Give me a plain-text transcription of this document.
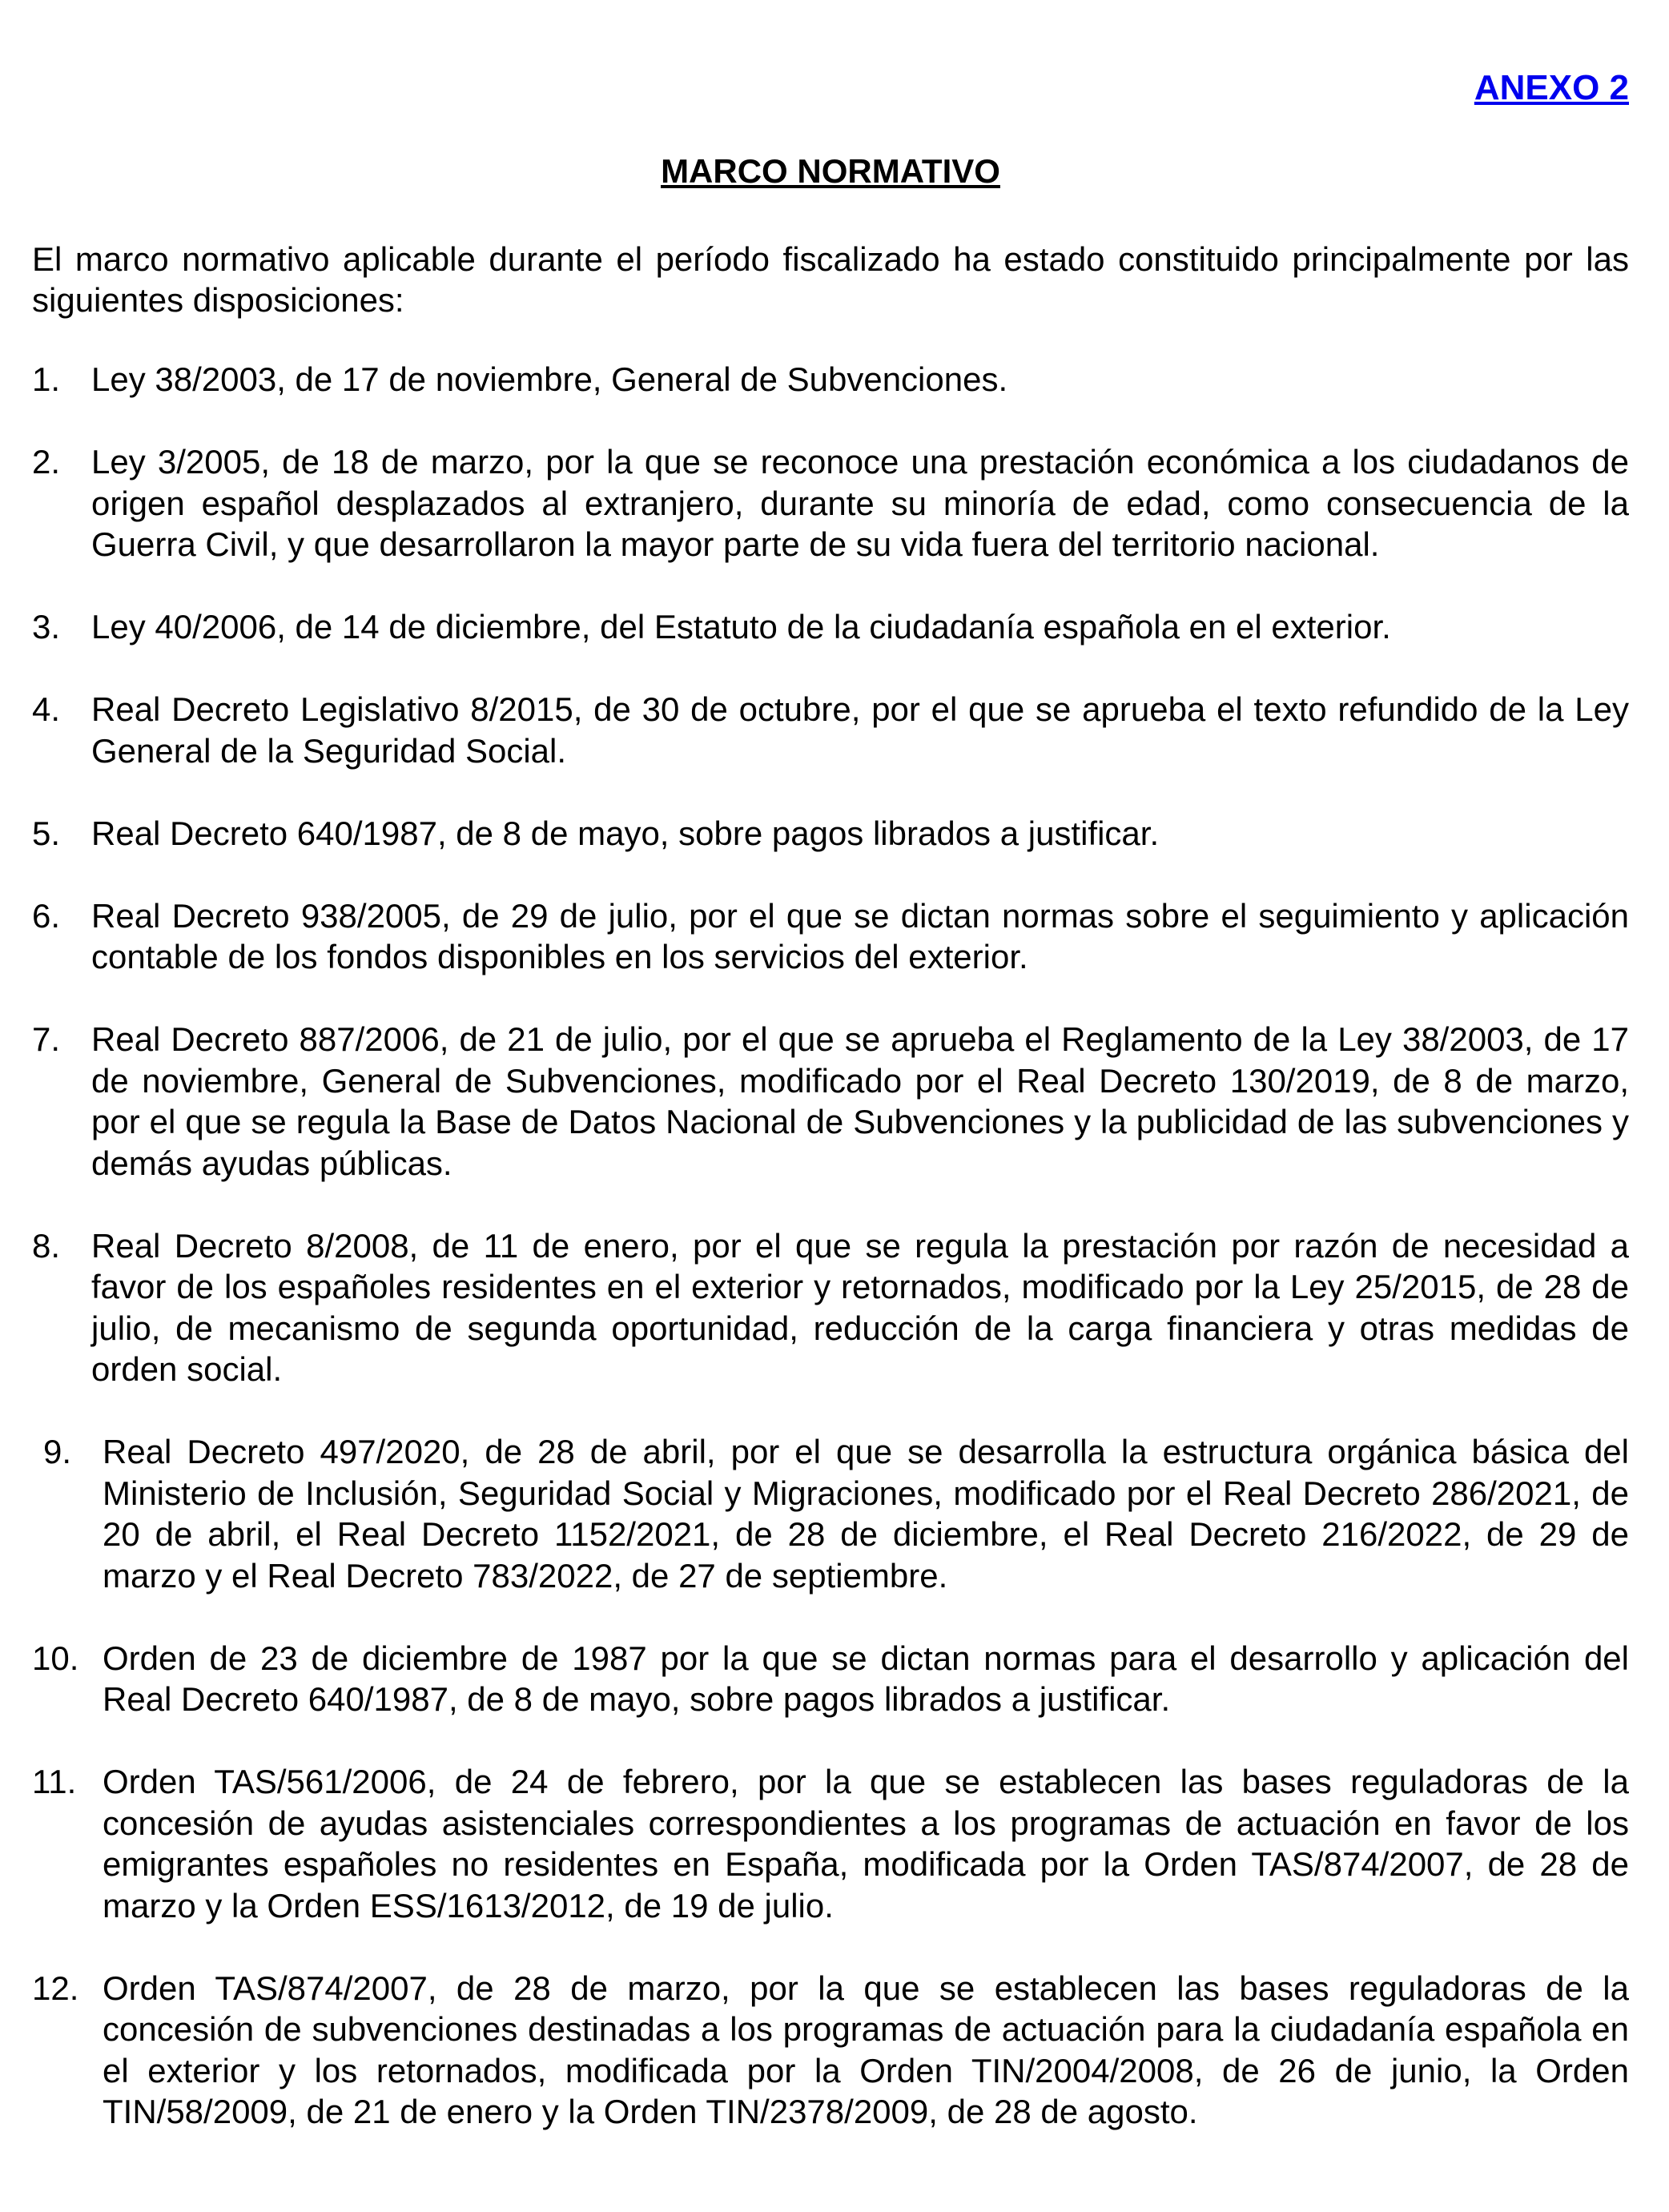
ANEXO 2
MARCO NORMATIVO

El marco normativo aplicable durante el período fiscalizado ha estado constituido principalmente por las siguientes disposiciones:

1. Ley 38/2003, de 17 de noviembre, General de Subvenciones.
2. Ley 3/2005, de 18 de marzo, por la que se reconoce una prestación económica a los ciudadanos de origen español desplazados al extranjero, durante su minoría de edad, como consecuencia de la Guerra Civil, y que desarrollaron la mayor parte de su vida fuera del territorio nacional.
3. Ley 40/2006, de 14 de diciembre, del Estatuto de la ciudadanía española en el exterior.
4. Real Decreto Legislativo 8/2015, de 30 de octubre, por el que se aprueba el texto refundido de la Ley General de la Seguridad Social.
5. Real Decreto 640/1987, de 8 de mayo, sobre pagos librados a justificar.
6. Real Decreto 938/2005, de 29 de julio, por el que se dictan normas sobre el seguimiento y aplicación contable de los fondos disponibles en los servicios del exterior.
7. Real Decreto 887/2006, de 21 de julio, por el que se aprueba el Reglamento de la Ley 38/2003, de 17 de noviembre, General de Subvenciones, modificado por el Real Decreto 130/2019, de 8 de marzo, por el que se regula la Base de Datos Nacional de Subvenciones y la publicidad de las subvenciones y demás ayudas públicas.
8. Real Decreto 8/2008, de 11 de enero, por el que se regula la prestación por razón de necesidad a favor de los españoles residentes en el exterior y retornados, modificado por la Ley 25/2015, de 28 de julio, de mecanismo de segunda oportunidad, reducción de la carga financiera y otras medidas de orden social.
9. Real Decreto 497/2020, de 28 de abril, por el que se desarrolla la estructura orgánica básica del Ministerio de Inclusión, Seguridad Social y Migraciones, modificado por el Real Decreto 286/2021, de 20 de abril, el Real Decreto 1152/2021, de 28 de diciembre, el Real Decreto 216/2022, de 29 de marzo y el Real Decreto 783/2022, de 27 de septiembre.
10. Orden de 23 de diciembre de 1987 por la que se dictan normas para el desarrollo y aplicación del Real Decreto 640/1987, de 8 de mayo, sobre pagos librados a justificar.
11. Orden TAS/561/2006, de 24 de febrero, por la que se establecen las bases reguladoras de la concesión de ayudas asistenciales correspondientes a los programas de actuación en favor de los emigrantes españoles no residentes en España, modificada por la Orden TAS/874/2007, de 28 de marzo y la Orden ESS/1613/2012, de 19 de julio.
12. Orden TAS/874/2007, de 28 de marzo, por la que se establecen las bases reguladoras de la concesión de subvenciones destinadas a los programas de actuación para la ciudadanía española en el exterior y los retornados, modificada por la Orden TIN/2004/2008, de 26 de junio, la Orden TIN/58/2009, de 21 de enero y la Orden TIN/2378/2009, de 28 de agosto.
